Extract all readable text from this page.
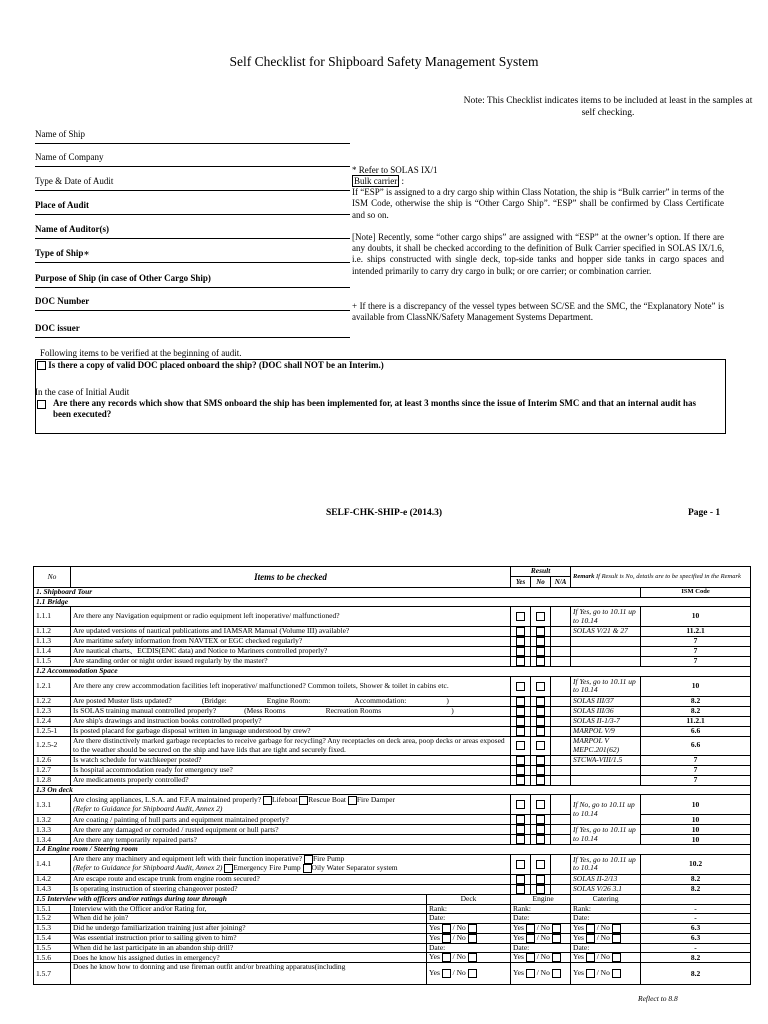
Self Checklist for Shipboard Safety Management System
Note: This Checklist indicates items to be included at least in the samples at self checking.
Name of Ship
Name of Company
Type & Date of Audit
Place of Audit
Name of Auditor(s)
Type of Ship∗
Purpose of Ship (in case of Other Cargo Ship)
DOC Number
DOC issuer
* Refer to SOLAS IX/1
Bulk carrier :
If “ESP” is assigned to a dry cargo ship within Class Notation, the ship is “Bulk carrier” in terms of the ISM Code, otherwise the ship is “Other Cargo Ship”. “ESP” shall be confirmed by Class Certificate and so on.
[Note] Recently, some “other cargo ships” are assigned with “ESP” at the owner’s option. If there are any doubts, it shall be checked according to the definition of Bulk Carrier specified in SOLAS IX/1.6, i.e. ships constructed with single deck, top-side tanks and hopper side tanks in cargo spaces and intended primarily to carry dry cargo in bulk; or ore carrier; or combination carrier.
+ If there is a discrepancy of the vessel types between SC/SE and the SMC, the “Explanatory Note” is available from ClassNK/Safety Management Systems Department.
Following items to be verified at the beginning of audit.
Is there a copy of valid DOC placed onboard the ship? (DOC shall NOT be an Interim.)
In the case of Initial Audit
Are there any records which show that SMS onboard the ship has been implemented for, at least 3 months since the issue of Interim SMC and that an internal audit has been executed?
SELF-CHK-SHIP-e (2014.3)	Page - 1
No	Items to be checked		Result			Remark If Result is No, details are to be specified in the Remark	
			Yes	No	N/A		
1. Shipboard Tour							ISM Code
1.1 Bridge							
1.1.1	Are there any Navigation equipment or radio equipment left inoperative/ malfunctioned?					If Yes, go to 10.11 up to 10.14	10
1.1.2	Are updated versions of nautical publications and IAMSAR Manual (Volume III) available?					SOLAS V/21 & 27	11.2.1
1.1.3	Are maritime safety information from NAVTEX or EGC checked regularly?						7
1.1.4	Are nautical charts、ECDIS(ENC data) and Notice to Mariners controlled properly?						7
1.1.5	Are standing order or night order issued regularly by the master?						7
1.2 Accommodation Space							
1.2.1	Are there any crew accommodation facilities left inoperative/ malfunctioned? Common toilets, Shower & toilet in cabins etc.					If Yes, go to 10.11 up to 10.14	10
1.2.2	Are posted Muster lists updated? (Bridge: Engine Room: Accommodation: )					SOLAS III/37	8.2
1.2.3	Is SOLAS training manual controlled properly? (Mess Rooms Recreation Rooms )					SOLAS III/36	8.2
1.2.4	Are ship's drawings and instruction books controlled properly?					SOLAS II-1/3-7	11.2.1
1.2.5-1	Is posted placard for garbage disposal written in language understood by crew?					MARPOL V/9	6.6
1.2.5-2	Are there distinctively marked garbage receptacles to receive garbage for recycling? Any receptacles on deck area, poop decks or areas exposed to the weather should be secured on the ship and have lids that are tight and securely fixed.					MARPOL V MEPC.201(62)	6.6
1.2.6	Is watch schedule for watchkeeper posted?					STCWA-VIII/1.5	7
1.2.7	Is hospital accommodation ready for emergency use?						7
1.2.8	Are medicaments properly controlled?						7
1.3 On deck							
1.3.1	Are closing appliances, L.S.A. and F.F.A maintained properly? Lifeboat Rescue Boat Fire Damper
(Refer to Guidance for Shipboard Audit, Annex 2)					If No, go to 10.11 up to 10.14	10
1.3.2	Are coating / painting of hull parts and equipment maintained properly?						10
1.3.3	Are there any damaged or corroded / rusted equipment or hull parts?					If Yes, go to 10.11 up to 10.14	10
1.3.4	Are there any temporarily repaired parts?						10
1.4 Engine room / Steering room							
1.4.1	Are there any machinery and equipment left with their function inoperative? Fire Pump
(Refer to Guidance for Shipboard Audit, Annex 2) Emergency Fire Pump Oily Water Separator system					If Yes, go to 10.11 up to 10.14	10.2
1.4.2	Are escape route and escape trunk from engine room secured?					SOLAS II-2/13	8.2
1.4.3	Is operating instruction of steering changeover posted?					SOLAS V/26 3.1	8.2
1.5 Interview with officers and/or ratings during tour through		Deck		Engine		Catering	
1.5.1	Interview with the Officer and/or Rating for,	Rank:	Rank:			Rank:	-
1.5.2	When did he join?	Date:	Date:			Date:	-
1.5.3	Did he undergo familiarization training just after joining?	Yes / No	Yes / No			Yes / No	6.3
1.5.4	Was essential instruction prior to sailing given to him?	Yes / No	Yes / No			Yes / No	6.3
1.5.5	When did he last participate in an abandon ship drill?	Date:	Date:			Date:	-
1.5.6	Does he know his assigned duties in emergency?	Yes / No	Yes / No			Yes / No	8.2
1.5.7	Does he know how to donning and use fireman outfit and/or breathing apparatus(including	Yes / No	Yes / No			Yes / No	8.2
Reflect to 8.8
